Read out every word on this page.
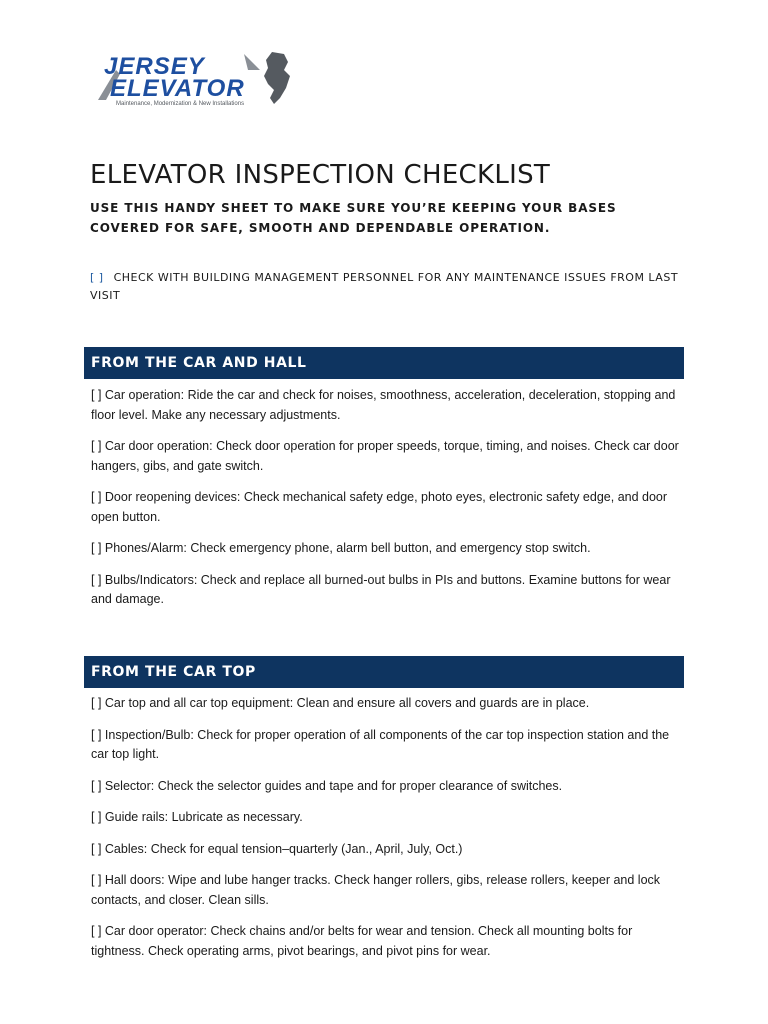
JERSEY
ELEVATOR
Maintenance, Modernization & New Installations
ELEVATOR INSPECTION CHECKLIST

USE THIS HANDY SHEET TO MAKE SURE YOU’RE KEEPING YOUR BASES COVERED FOR SAFE, SMOOTH AND DEPENDABLE OPERATION.

[ ] CHECK WITH BUILDING MANAGEMENT PERSONNEL FOR ANY MAINTENANCE ISSUES FROM LAST VISIT
FROM THE CAR AND HALL

[ ] Car operation: Ride the car and check for noises, smoothness, acceleration, deceleration, stopping and floor level. Make any necessary adjustments.

[ ] Car door operation: Check door operation for proper speeds, torque, timing, and noises. Check car door hangers, gibs, and gate switch.

[ ] Door reopening devices: Check mechanical safety edge, photo eyes, electronic safety edge, and door open button.

[ ] Phones/Alarm: Check emergency phone, alarm bell button, and emergency stop switch.

[ ] Bulbs/Indicators: Check and replace all burned-out bulbs in PIs and buttons. Examine buttons for wear and damage.

FROM THE CAR TOP

[ ] Car top and all car top equipment: Clean and ensure all covers and guards are in place.

[ ] Inspection/Bulb: Check for proper operation of all components of the car top inspection station and the car top light.

[ ] Selector: Check the selector guides and tape and for proper clearance of switches.

[ ] Guide rails: Lubricate as necessary.

[ ] Cables: Check for equal tension–quarterly (Jan., April, July, Oct.)

[ ] Hall doors: Wipe and lube hanger tracks. Check hanger rollers, gibs, release rollers, keeper and lock contacts, and closer. Clean sills.

[ ] Car door operator: Check chains and/or belts for wear and tension. Check all mounting bolts for tightness. Check operating arms, pivot bearings, and pivot pins for wear.
